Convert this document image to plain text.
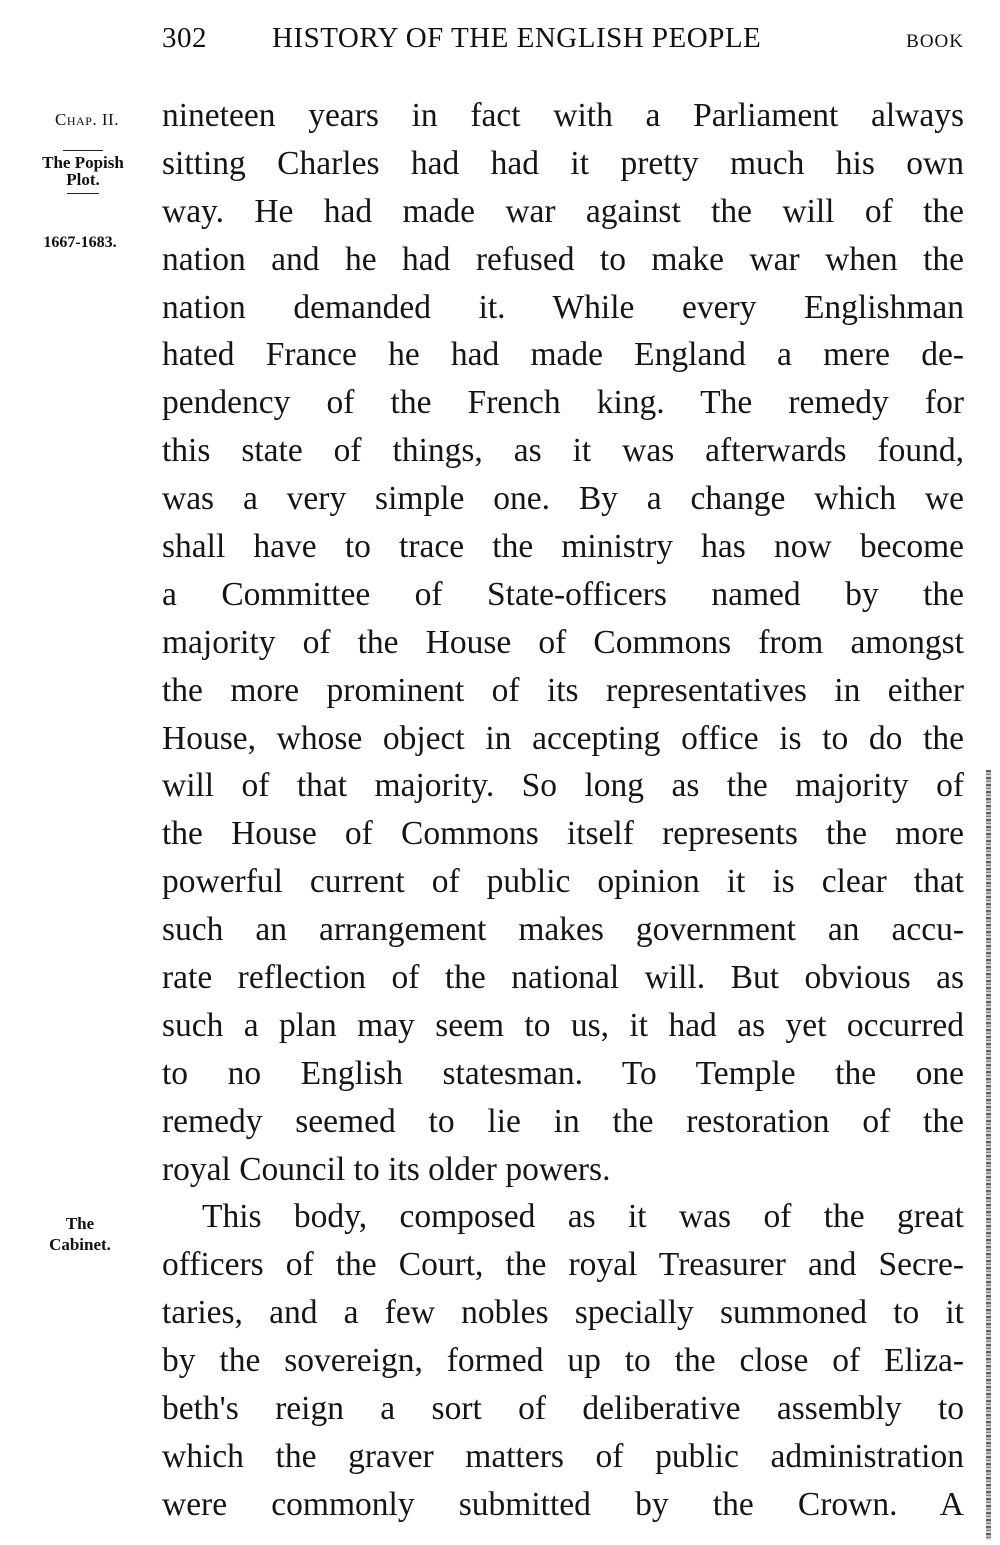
302 HISTORY OF THE ENGLISH PEOPLE	BOOK
Chap. II.
The Popish
Plot.
1667-1683.
The
Cabinet.
nineteen years in fact with a Parliament always
sitting Charles had had it pretty much his own
way. He had made war against the will of the
nation and he had refused to make war when the
nation demanded it. While every Englishman
hated France he had made England a mere de-
pendency of the French king. The remedy for
this state of things, as it was afterwards found,
was a very simple one. By a change which we
shall have to trace the ministry has now become
a Committee of State-officers named by the
majority of the House of Commons from amongst
the more prominent of its representatives in either
House, whose object in accepting office is to do the
will of that majority. So long as the majority of
the House of Commons itself represents the more
powerful current of public opinion it is clear that
such an arrangement makes government an accu-
rate reflection of the national will. But obvious as
such a plan may seem to us, it had as yet occurred
to no English statesman. To Temple the one
remedy seemed to lie in the restoration of the
royal Council to its older powers.
This body, composed as it was of the great
officers of the Court, the royal Treasurer and Secre-
taries, and a few nobles specially summoned to it
by the sovereign, formed up to the close of Eliza-
beth's reign a sort of deliberative assembly to
which the graver matters of public administration
were commonly submitted by the Crown. A
